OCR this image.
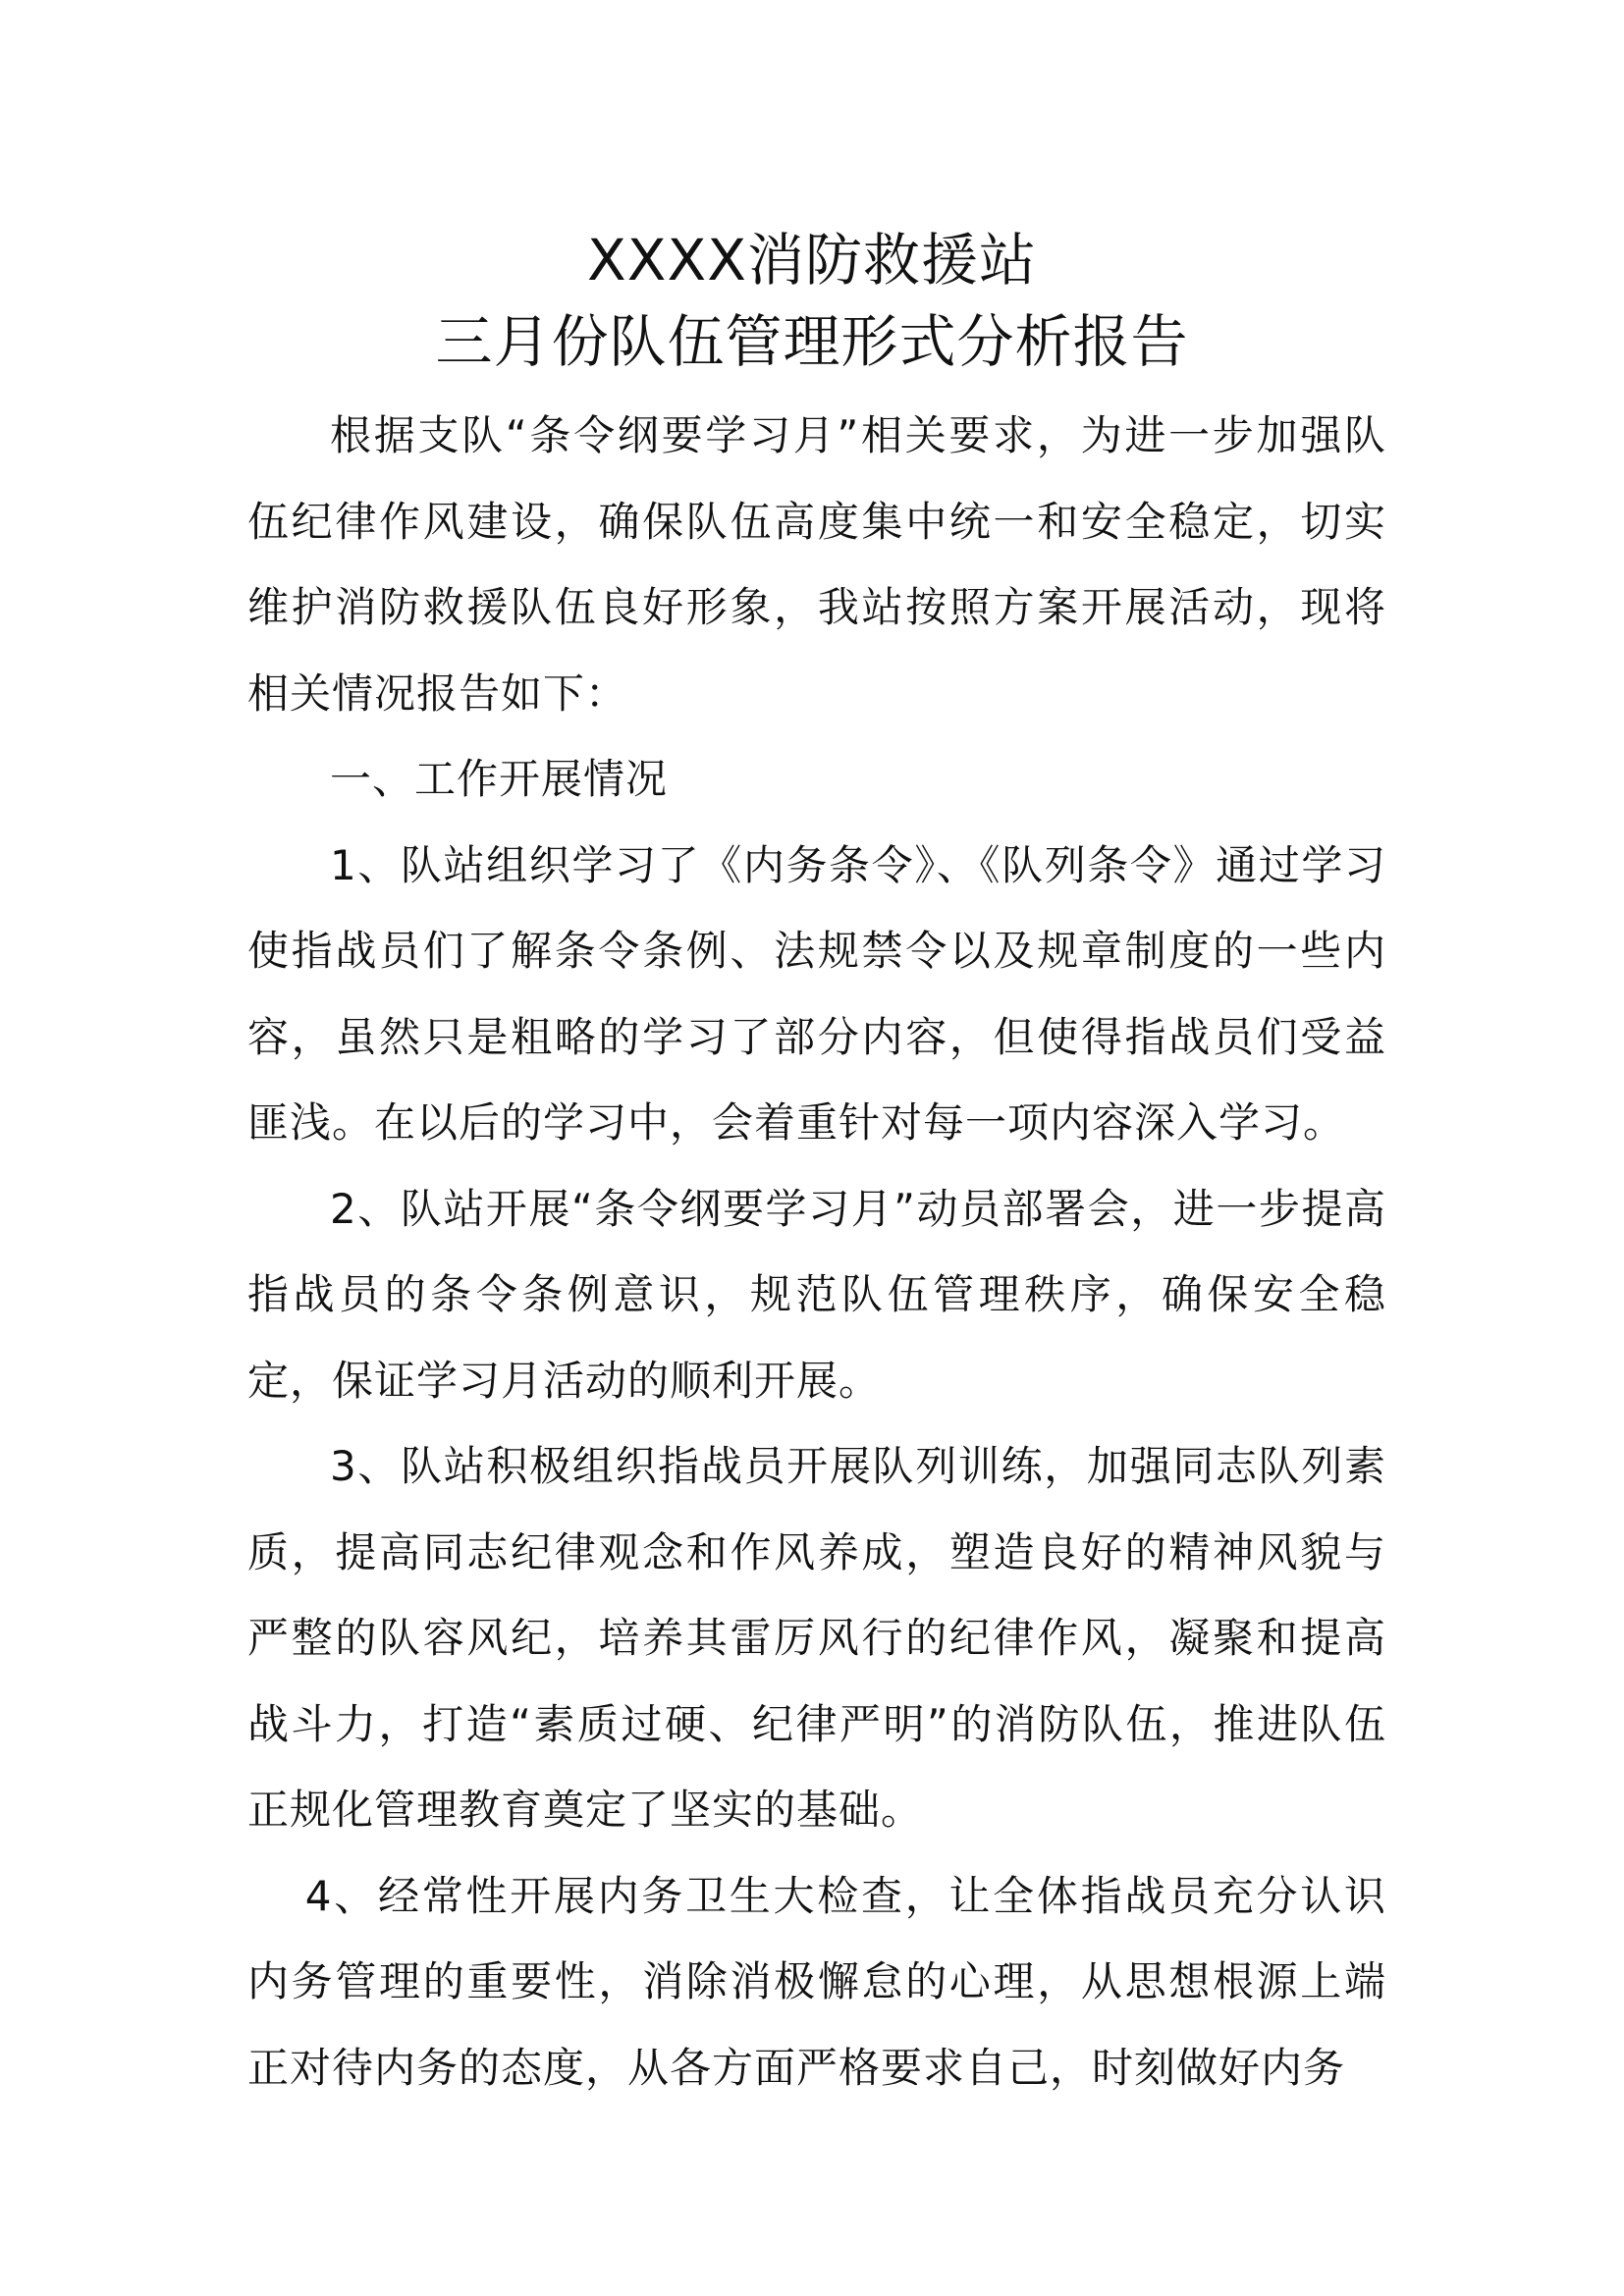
XXXX消防救援站
三月份队伍管理形式分析报告

根据支队“条令纲要学习月”相关要求，为进一步加强队伍纪律作风建设，确保队伍高度集中统一和安全稳定，切实维护消防救援队伍良好形象，我站按照方案开展活动，现将相关情况报告如下：

一、工作开展情况

1、队站组织学习了《内务条令》、《队列条令》通过学习使指战员们了解条令条例、法规禁令以及规章制度的一些内容，虽然只是粗略的学习了部分内容，但使得指战员们受益匪浅。在以后的学习中，会着重针对每一项内容深入学习。

2、队站开展“条令纲要学习月”动员部署会，进一步提高指战员的条令条例意识，规范队伍管理秩序，确保安全稳定，保证学习月活动的顺利开展。

3、队站积极组织指战员开展队列训练，加强同志队列素质，提高同志纪律观念和作风养成，塑造良好的精神风貌与严整的队容风纪，培养其雷厉风行的纪律作风，凝聚和提高战斗力，打造“素质过硬、纪律严明”的消防队伍，推进队伍正规化管理教育奠定了坚实的基础。

4、经常性开展内务卫生大检查，让全体指战员充分认识内务管理的重要性，消除消极懈怠的心理，从思想根源上端正对待内务的态度，从各方面严格要求自己，时刻做好内务
